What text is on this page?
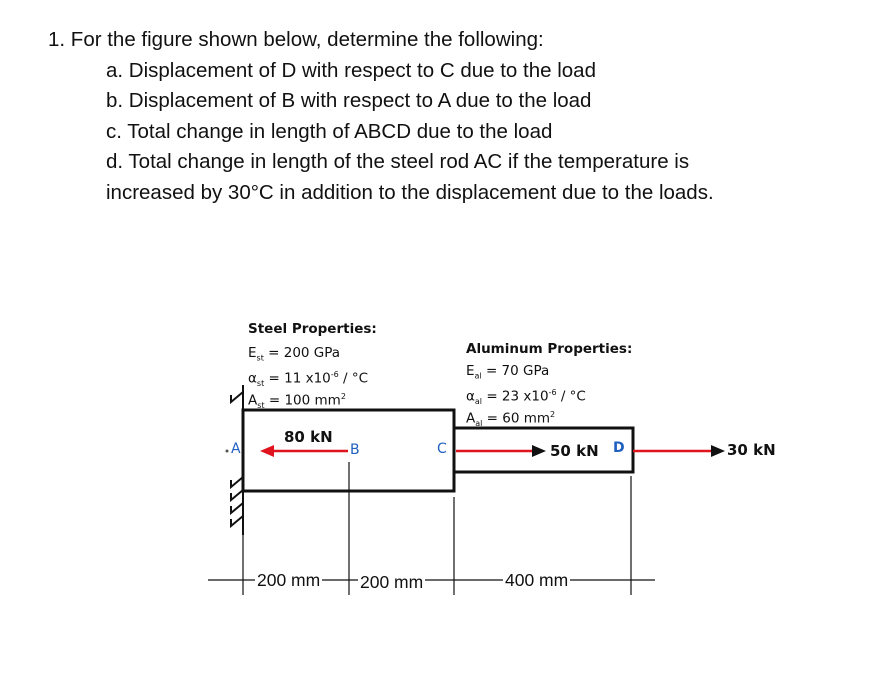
1. For the figure shown below, determine the following:
a. Displacement of D with respect to C due to the load
b. Displacement of B with respect to A due to the load
c. Total change in length of ABCD due to the load
d. Total change in length of the steel rod AC if the temperature is
increased by 30°C in addition to the displacement due to the loads.
Steel Properties:
$E_{st} = 200$ GPa
$\alpha_{st} = 11$ $x10^{-6} / ^\circ C$
$A_{st} = 100$ $mm^2$
Aluminum Properties:
$E_{al} = 70$ GPa
$\alpha_{al} = 23$ $x10^{-6} / ^\circ C$
$A_{al} = 60$ $mm^2$
A	B	C	D
80 kN
50 kN	30 kN
200 mm 200 mm	400 mm
